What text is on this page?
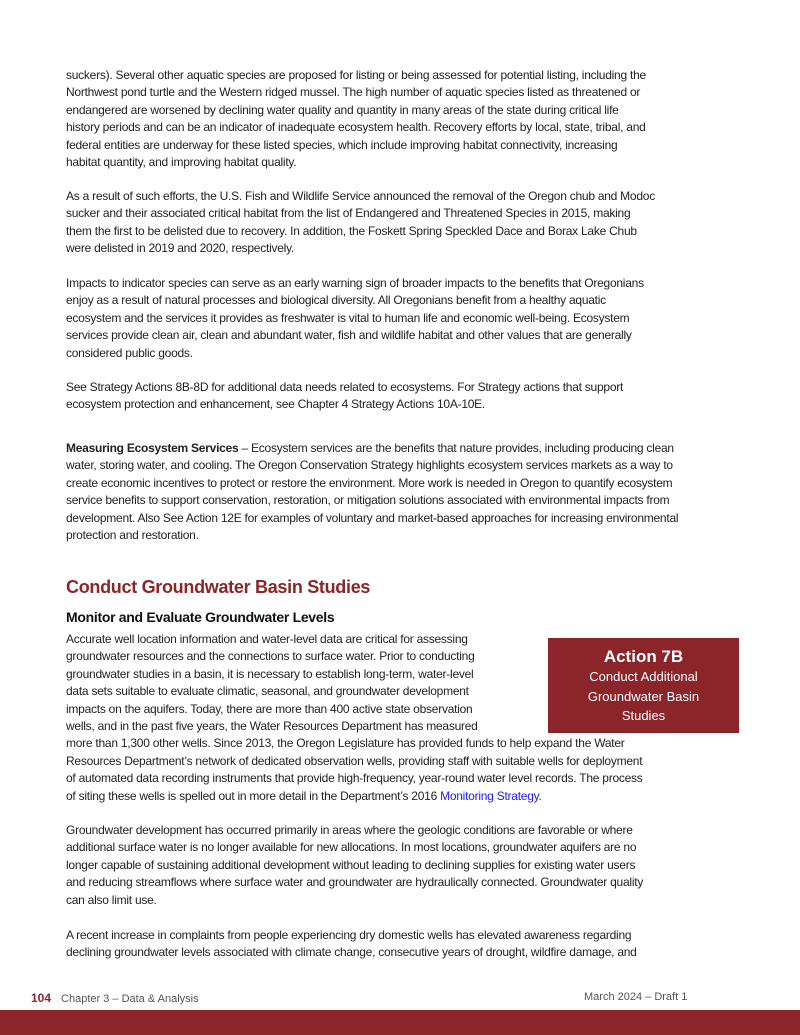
suckers). Several other aquatic species are proposed for listing or being assessed for potential listing, including the
Northwest pond turtle and the Western ridged mussel. The high number of aquatic species listed as threatened or
endangered are worsened by declining water quality and quantity in many areas of the state during critical life
history periods and can be an indicator of inadequate ecosystem health. Recovery efforts by local, state, tribal, and
federal entities are underway for these listed species, which include improving habitat connectivity, increasing
habitat quantity, and improving habitat quality.
As a result of such efforts, the U.S. Fish and Wildlife Service announced the removal of the Oregon chub and Modoc
sucker and their associated critical habitat from the list of Endangered and Threatened Species in 2015, making
them the first to be delisted due to recovery. In addition, the Foskett Spring Speckled Dace and Borax Lake Chub
were delisted in 2019 and 2020, respectively.
Impacts to indicator species can serve as an early warning sign of broader impacts to the benefits that Oregonians
enjoy as a result of natural processes and biological diversity. All Oregonians benefit from a healthy aquatic
ecosystem and the services it provides as freshwater is vital to human life and economic well-being. Ecosystem
services provide clean air, clean and abundant water, fish and wildlife habitat and other values that are generally
considered public goods.
See Strategy Actions 8B-8D for additional data needs related to ecosystems. For Strategy actions that support
ecosystem protection and enhancement, see Chapter 4 Strategy Actions 10A-10E.
Measuring Ecosystem Services – Ecosystem services are the benefits that nature provides, including producing clean
water, storing water, and cooling. The Oregon Conservation Strategy highlights ecosystem services markets as a way to
create economic incentives to protect or restore the environment. More work is needed in Oregon to quantify ecosystem
service benefits to support conservation, restoration, or mitigation solutions associated with environmental impacts from
development. Also See Action 12E for examples of voluntary and market-based approaches for increasing environmental
protection and restoration.
Conduct Groundwater Basin Studies
Monitor and Evaluate Groundwater Levels
Accurate well location information and water-level data are critical for assessing
groundwater resources and the connections to surface water. Prior to conducting
groundwater studies in a basin, it is necessary to establish long-term, water-level
data sets suitable to evaluate climatic, seasonal, and groundwater development
impacts on the aquifers. Today, there are more than 400 active state observation
wells, and in the past five years, the Water Resources Department has measured
more than 1,300 other wells. Since 2013, the Oregon Legislature has provided funds to help expand the Water
Resources Department’s network of dedicated observation wells, providing staff with suitable wells for deployment
of automated data recording instruments that provide high-frequency, year-round water level records. The process
of siting these wells is spelled out in more detail in the Department’s 2016 Monitoring Strategy.
Action 7B
Conduct Additional
Groundwater Basin
Studies
Groundwater development has occurred primarily in areas where the geologic conditions are favorable or where
additional surface water is no longer available for new allocations. In most locations, groundwater aquifers are no
longer capable of sustaining additional development without leading to declining supplies for existing water users
and reducing streamflows where surface water and groundwater are hydraulically connected. Groundwater quality
can also limit use.
A recent increase in complaints from people experiencing dry domestic wells has elevated awareness regarding
declining groundwater levels associated with climate change, consecutive years of drought, wildfire damage, and
104 Chapter 3 – Data & Analysis	March 2024 – Draft 1
